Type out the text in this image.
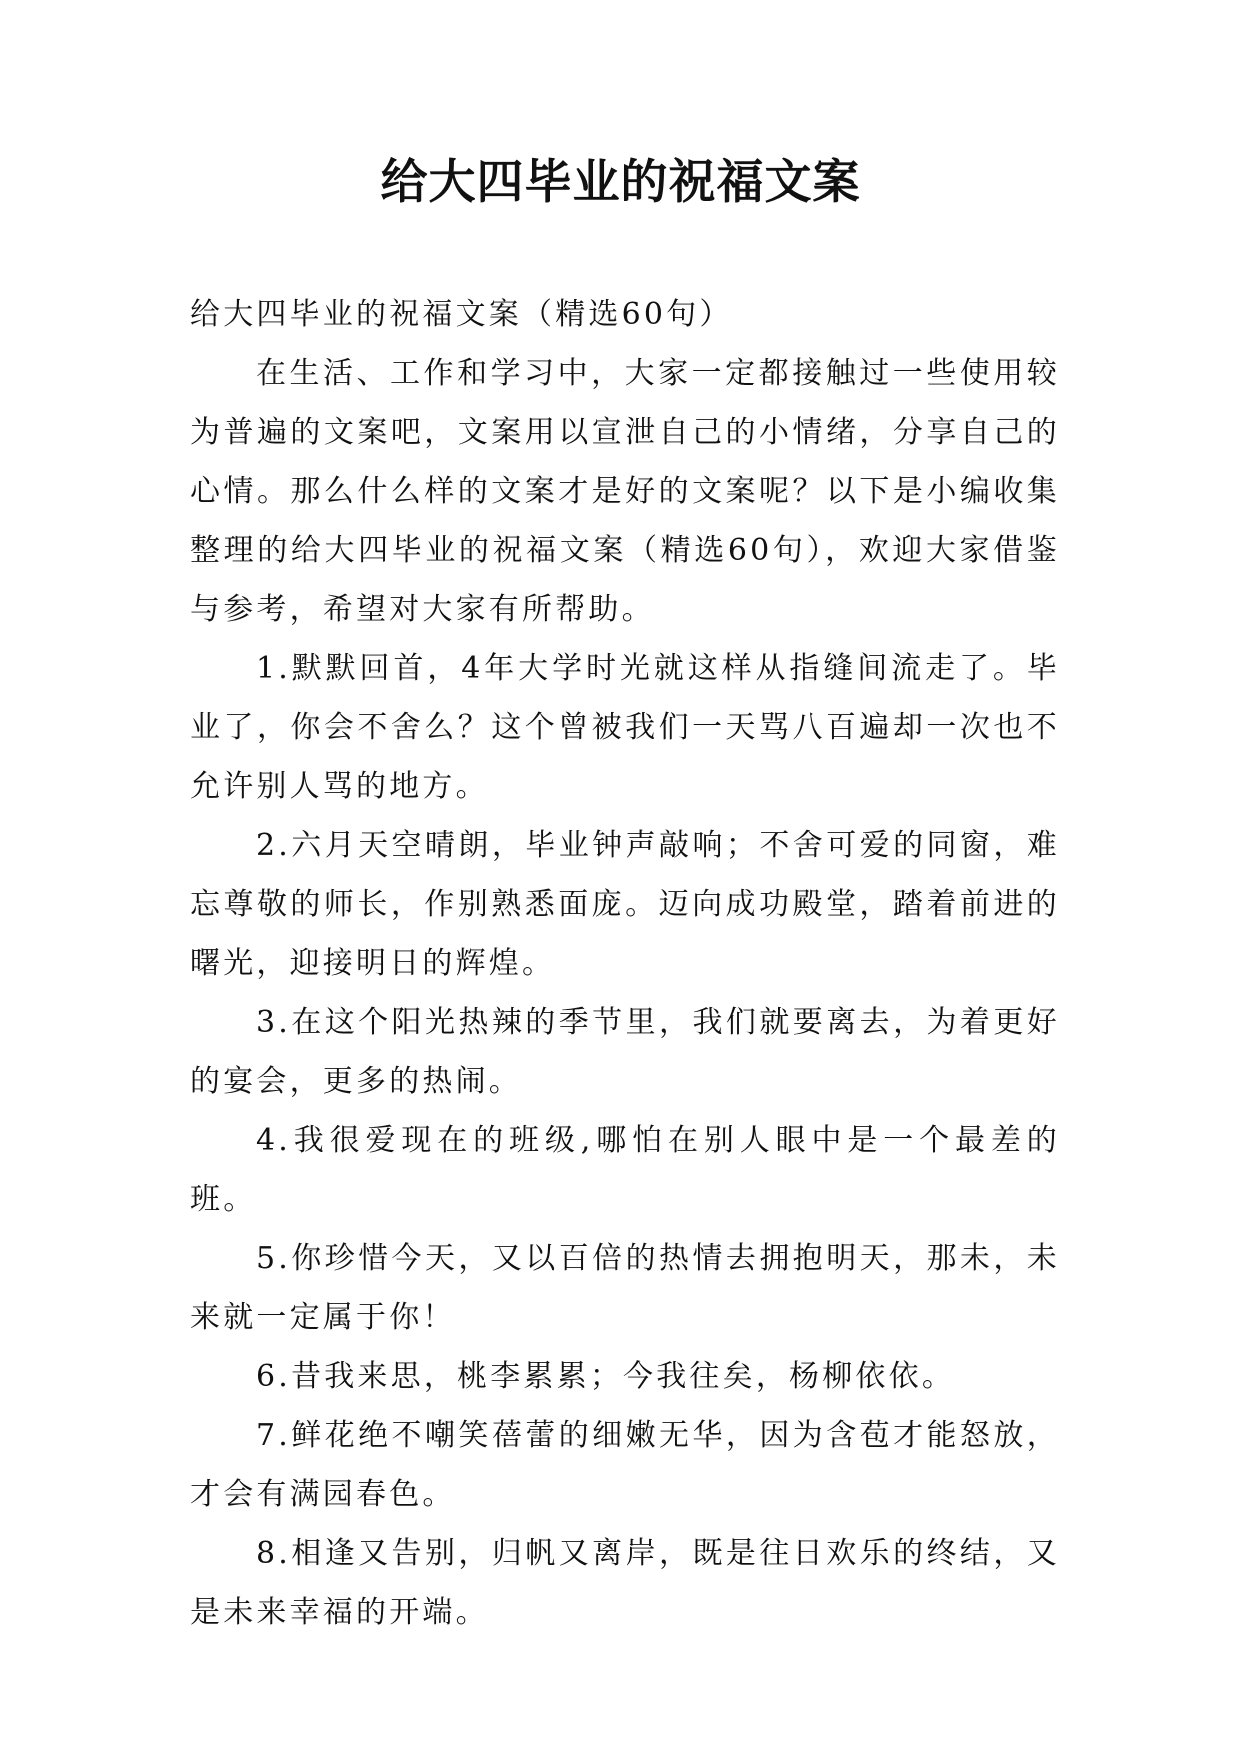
给大四毕业的祝福文案

给大四毕业的祝福文案（精选60句）

在生活、工作和学习中，大家一定都接触过一些使用较为普遍的文案吧，文案用以宣泄自己的小情绪，分享自己的心情。那么什么样的文案才是好的文案呢？以下是小编收集整理的给大四毕业的祝福文案（精选60句），欢迎大家借鉴与参考，希望对大家有所帮助。

1.默默回首，4年大学时光就这样从指缝间流走了。毕业了，你会不舍么？这个曾被我们一天骂八百遍却一次也不允许别人骂的地方。

2.六月天空晴朗，毕业钟声敲响；不舍可爱的同窗，难忘尊敬的师长，作别熟悉面庞。迈向成功殿堂，踏着前进的曙光，迎接明日的辉煌。

3.在这个阳光热辣的季节里，我们就要离去，为着更好的宴会，更多的热闹。

4.我很爱现在的班级,哪怕在别人眼中是一个最差的班。

5.你珍惜今天，又以百倍的热情去拥抱明天，那未，未来就一定属于你！

6.昔我来思，桃李累累；今我往矣，杨柳依依。

7.鲜花绝不嘲笑蓓蕾的细嫩无华，因为含苞才能怒放，才会有满园春色。

8.相逢又告别，归帆又离岸，既是往日欢乐的终结，又是未来幸福的开端。
